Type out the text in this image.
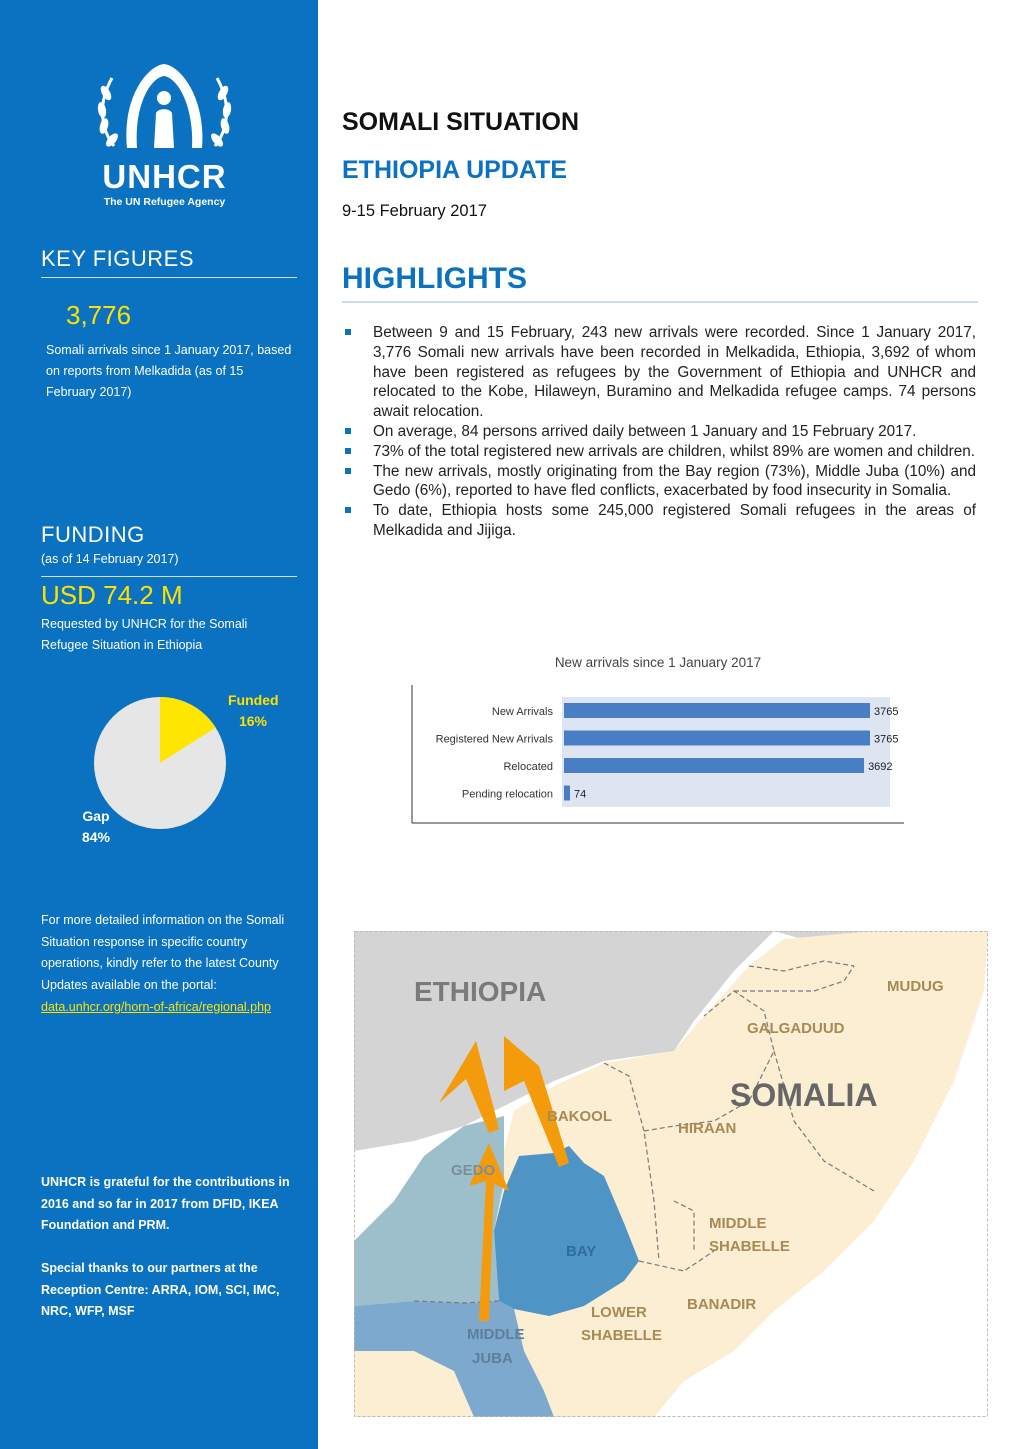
UNHCR
The UN Refugee Agency
KEY FIGURES
3,776
Somali arrivals since 1 January 2017, based on reports from Melkadida (as of 15 February 2017)
FUNDING
(as of 14 February 2017)
USD 74.2 M
Requested by UNHCR for the Somali Refugee Situation in Ethiopia
Funded
16%
Gap
84%
For more detailed information on the Somali Situation response in specific country operations, kindly refer to the latest County Updates available on the portal: data.unhcr.org/horn-of-africa/regional.php
UNHCR is grateful for the contributions in 2016 and so far in 2017 from DFID, IKEA Foundation and PRM.
Special thanks to our partners at the Reception Centre: ARRA, IOM, SCI, IMC, NRC, WFP, MSF
SOMALI SITUATION
ETHIOPIA UPDATE
9-15 February 2017
HIGHLIGHTS
Between 9 and 15 February, 243 new arrivals were recorded. Since 1 January 2017, 3,776 Somali new arrivals have been recorded in Melkadida, Ethiopia, 3,692 of whom have been registered as refugees by the Government of Ethiopia and UNHCR and relocated to the Kobe, Hilaweyn, Buramino and Melkadida refugee camps. 74 persons await relocation.
On average, 84 persons arrived daily between 1 January and 15 February 2017.
73% of the total registered new arrivals are children, whilst 89% are women and children.
The new arrivals, mostly originating from the Bay region (73%), Middle Juba (10%) and Gedo (6%), reported to have fled conflicts, exacerbated by food insecurity in Somalia.
To date, Ethiopia hosts some 245,000 registered Somali refugees in the areas of Melkadida and Jijiga.
New arrivals since 1 January 2017
New Arrivals	3765
Registered New Arrivals	3765
Relocated	3692
Pending relocation 74
ETHIOPIA
SOMALIA
MUDUG
GALGADUUD
BAKOOL
HIRAAN
GEDO
BAY
MIDDLE
SHABELLE
BANADIR
LOWER
SHABELLE
MIDDLE
JUBA
